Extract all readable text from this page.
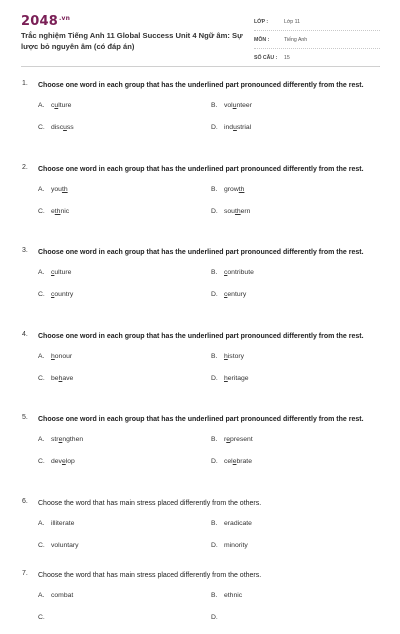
$2048^{.vn}$
Trắc nghiệm Tiếng Anh 11 Global Success Unit 4 Ngữ âm: Sự lược bỏ nguyên âm (có đáp án)
LỚP :	Lớp 11
MÔN :	Tiếng Anh
SỐ CÂU :	15
1.	Choose one word in each group that has the underlined part pronounced differently from the rest.
A. culture	B. volunteer
C. discuss	D. industrial
2.	Choose one word in each group that has the underlined part pronounced differently from the rest.
A. youth	B. growth
C. ethnic	D. southern
3.	Choose one word in each group that has the underlined part pronounced differently from the rest.
A. culture	B. contribute
C. country	D. century
4.	Choose one word in each group that has the underlined part pronounced differently from the rest.
A. honour	B. history
C. behave	D. heritage
5.	Choose one word in each group that has the underlined part pronounced differently from the rest.
A. strengthen	B. represent
C. develop	D. celebrate
6.	Choose the word that has main stress placed differently from the others.
A. illiterate	B. eradicate
C. voluntary	D. minority
7.	Choose the word that has main stress placed differently from the others.
A. combat	B. ethnic
C.	D.
